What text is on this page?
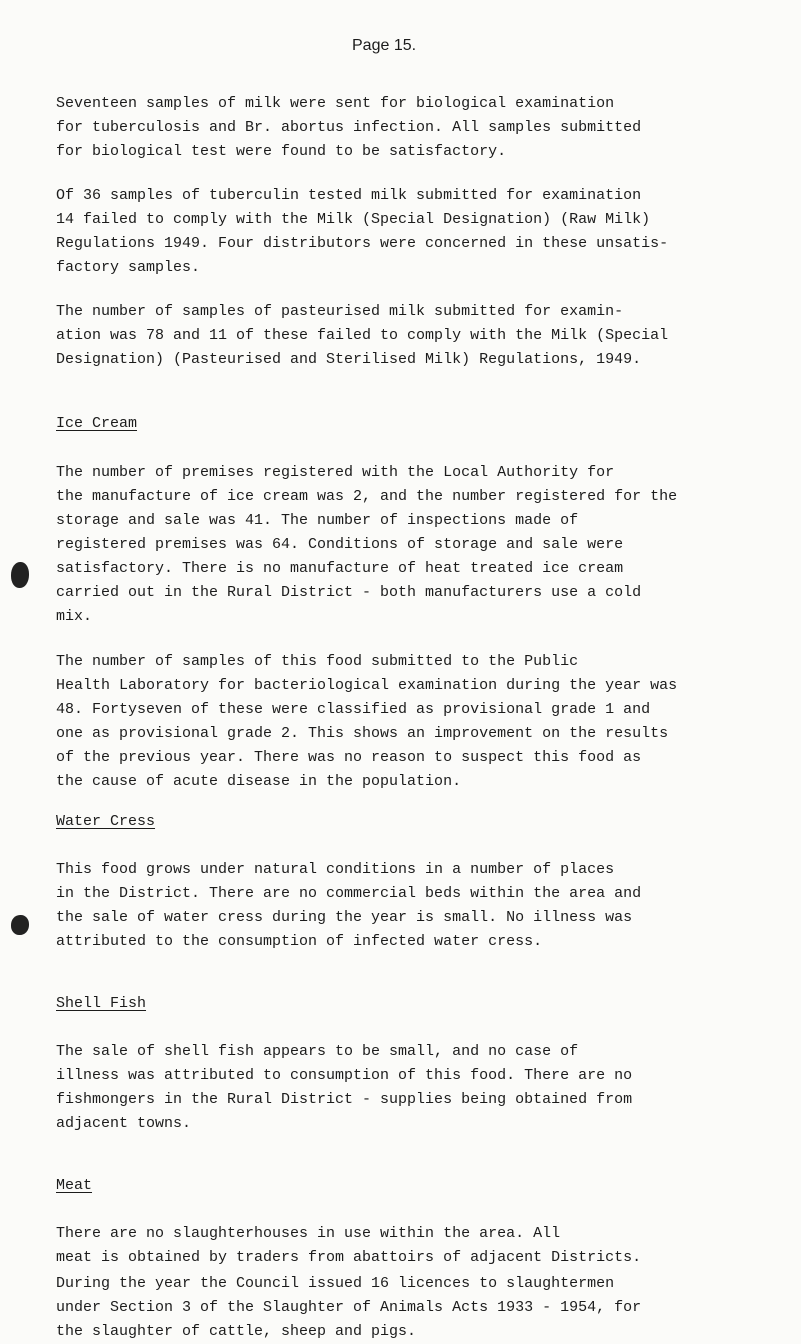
Page 15.

Seventeen samples of milk were sent for biological examination
for tuberculosis and Br. abortus infection. All samples submitted
for biological test were found to be satisfactory.

Of 36 samples of tuberculin tested milk submitted for examination
14 failed to comply with the Milk (Special Designation) (Raw Milk)
Regulations 1949. Four distributors were concerned in these unsatis-
factory samples.

The number of samples of pasteurised milk submitted for examin-
ation was 78 and 11 of these failed to comply with the Milk (Special
Designation) (Pasteurised and Sterilised Milk) Regulations, 1949.

Ice Cream

The number of premises registered with the Local Authority for
the manufacture of ice cream was 2, and the number registered for the
storage and sale was 41. The number of inspections made of
registered premises was 64. Conditions of storage and sale were
satisfactory. There is no manufacture of heat treated ice cream
carried out in the Rural District - both manufacturers use a cold
mix.

The number of samples of this food submitted to the Public
Health Laboratory for bacteriological examination during the year was
48. Fortyseven of these were classified as provisional grade 1 and
one as provisional grade 2. This shows an improvement on the results
of the previous year. There was no reason to suspect this food as
the cause of acute disease in the population.

Water Cress

This food grows under natural conditions in a number of places
in the District. There are no commercial beds within the area and
the sale of water cress during the year is small. No illness was
attributed to the consumption of infected water cress.

Shell Fish

The sale of shell fish appears to be small, and no case of
illness was attributed to consumption of this food. There are no
fishmongers in the Rural District - supplies being obtained from
adjacent towns.

Meat

There are no slaughterhouses in use within the area. All
meat is obtained by traders from abattoirs of adjacent Districts.

During the year the Council issued 16 licences to slaughtermen
under Section 3 of the Slaughter of Animals Acts 1933 - 1954, for
the slaughter of cattle, sheep and pigs.
